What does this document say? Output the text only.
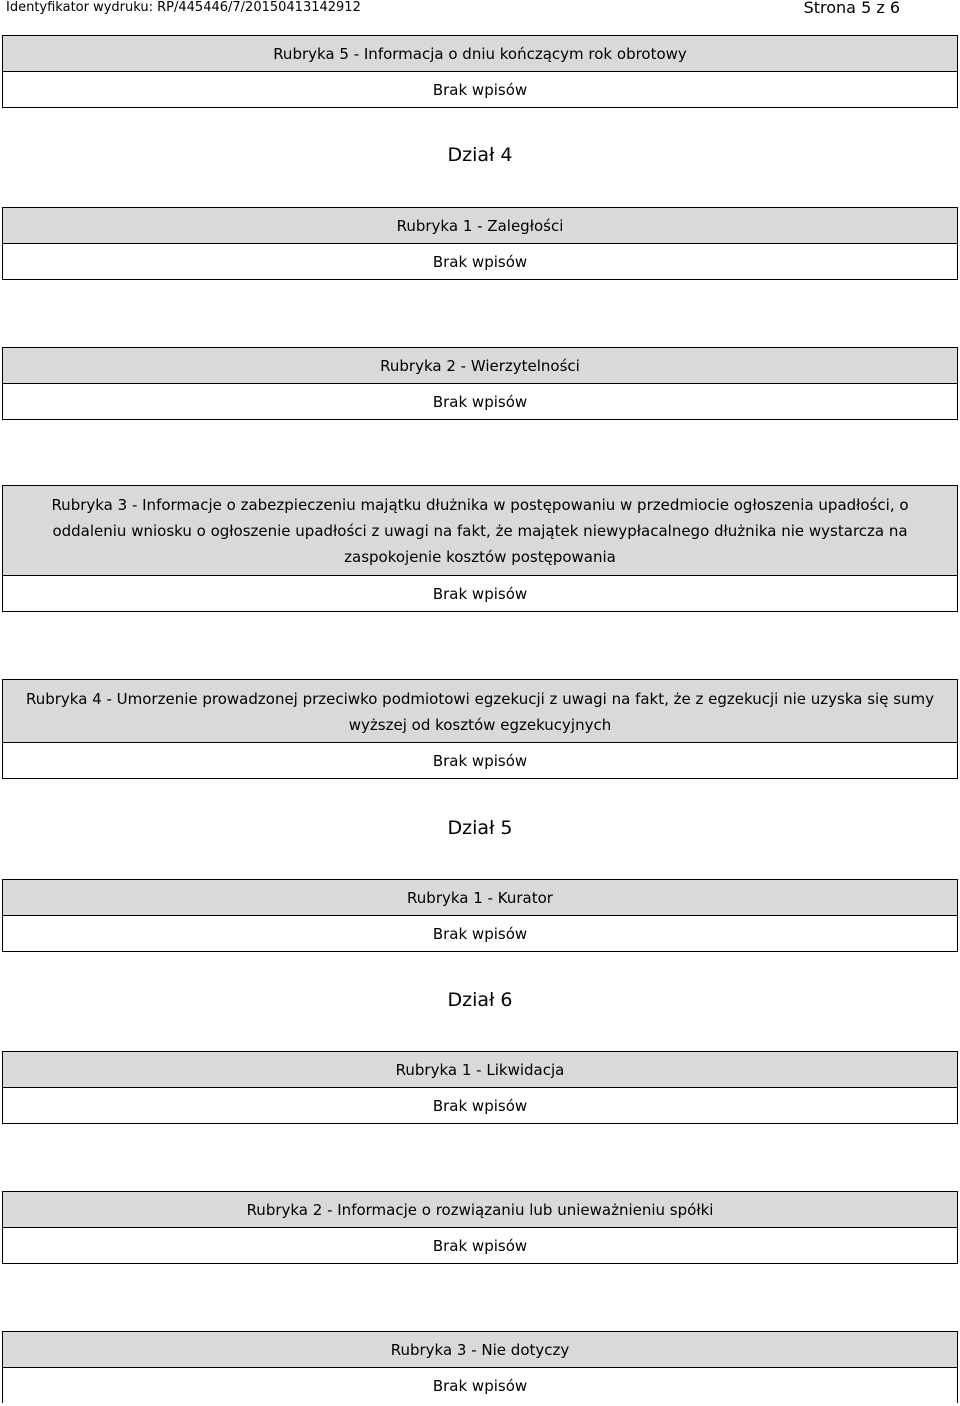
Identyfikator wydruku: RP/445446/7/20150413142912	Strona 5 z 6
Rubryka 5 - Informacja o dniu kończącym rok obrotowy
Brak wpisów
Dział 4
Rubryka 1 - Zaległości
Brak wpisów
Rubryka 2 - Wierzytelności
Brak wpisów
Rubryka 3 - Informacje o zabezpieczeniu majątku dłużnika w postępowaniu w przedmiocie ogłoszenia upadłości, o oddaleniu wniosku o ogłoszenie upadłości z uwagi na fakt, że majątek niewypłacalnego dłużnika nie wystarcza na zaspokojenie kosztów postępowania
Brak wpisów
Rubryka 4 - Umorzenie prowadzonej przeciwko podmiotowi egzekucji z uwagi na fakt, że z egzekucji nie uzyska się sumy wyższej od kosztów egzekucyjnych
Brak wpisów
Dział 5
Rubryka 1 - Kurator
Brak wpisów
Dział 6
Rubryka 1 - Likwidacja
Brak wpisów
Rubryka 2 - Informacje o rozwiązaniu lub unieważnieniu spółki
Brak wpisów
Rubryka 3 - Nie dotyczy
Brak wpisów
